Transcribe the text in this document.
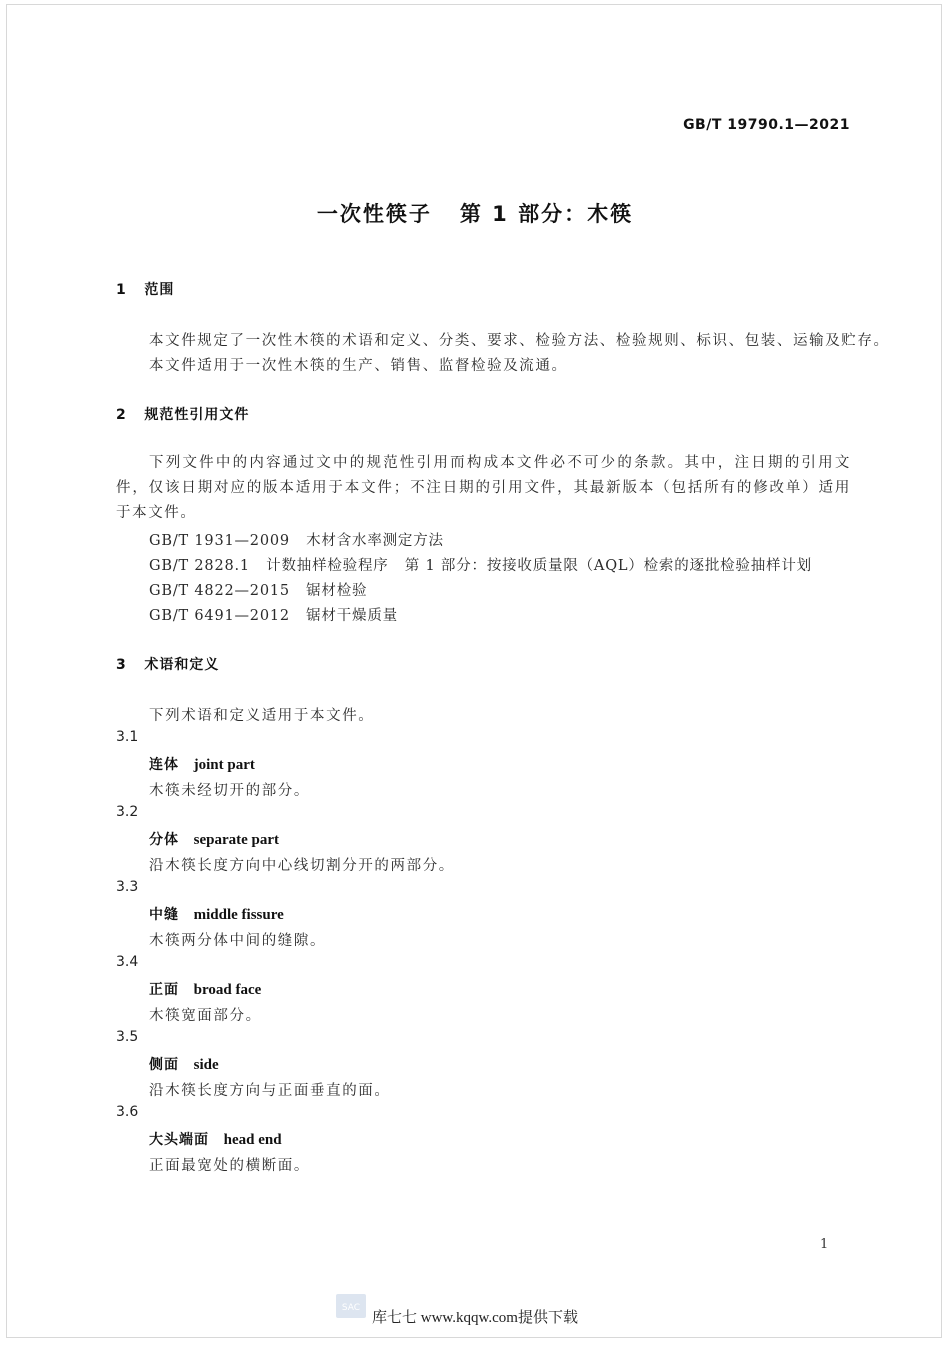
GB/T 19790.1—2021
一次性筷子   第 1 部分：木筷
1   范围
本文件规定了一次性木筷的术语和定义、分类、要求、检验方法、检验规则、标识、包装、运输及贮存。
本文件适用于一次性木筷的生产、销售、监督检验及流通。
2   规范性引用文件
下列文件中的内容通过文中的规范性引用而构成本文件必不可少的条款。其中，注日期的引用文件，仅该日期对应的版本适用于本文件；不注日期的引用文件，其最新版本（包括所有的修改单）适用于本文件。
GB/T 1931—2009   木材含水率测定方法
GB/T 2828.1   计数抽样检验程序   第 1 部分：按接收质量限（AQL）检索的逐批检验抽样计划
GB/T 4822—2015   锯材检验
GB/T 6491—2012   锯材干燥质量
3   术语和定义
下列术语和定义适用于本文件。
3.1
连体 joint part
木筷未经切开的部分。
3.2
分体 separate part
沿木筷长度方向中心线切割分开的两部分。
3.3
中缝 middle fissure
木筷两分体中间的缝隙。
3.4
正面 broad face
木筷宽面部分。
3.5
侧面 side
沿木筷长度方向与正面垂直的面。
3.6
大头端面 head end
正面最宽处的横断面。
1
SAC
库七七 www.kqqw.com提供下载
